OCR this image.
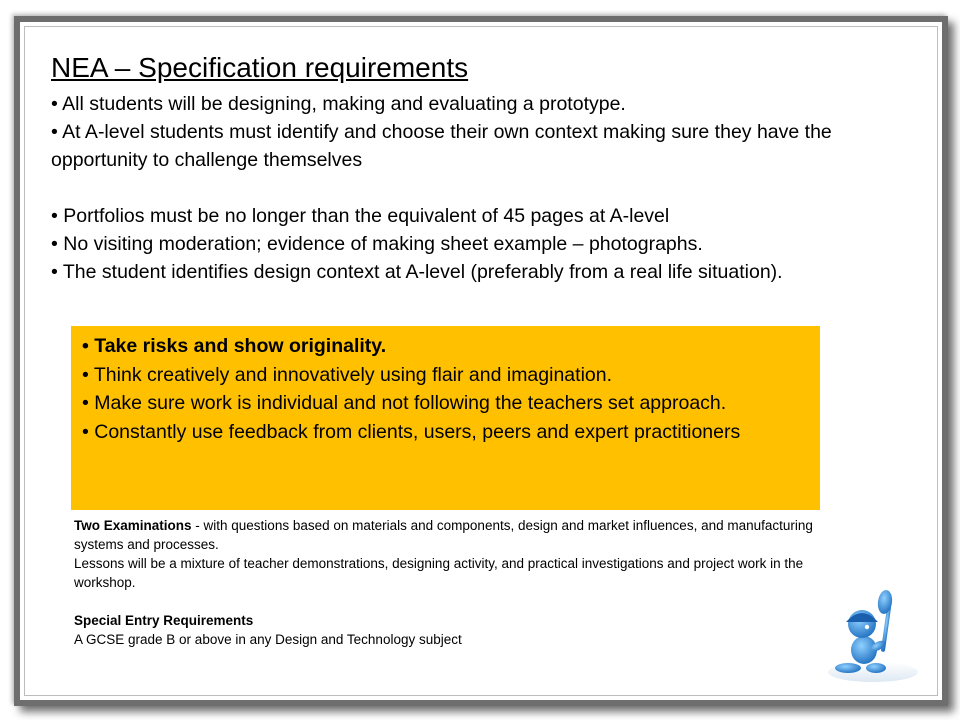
NEA – Specification requirements
• All students will be designing, making and evaluating a prototype.
• At A-level students must identify and choose their own context making sure they have the opportunity to challenge themselves
• Portfolios must be no longer than the equivalent of 45 pages at A-level
• No visiting moderation; evidence of making sheet example – photographs.
• The student identifies design context at A-level (preferably from a real life situation).
• Take risks and show originality.
• Think creatively and innovatively using flair and imagination.
• Make sure work is individual and not following the teachers set approach.
• Constantly use feedback from clients, users, peers and expert practitioners

Two Examinations - with questions based on materials and components, design and market influences, and manufacturing systems and processes.

Lessons will be a mixture of teacher demonstrations, designing activity, and practical investigations and project work in the workshop.

Special Entry Requirements

A GCSE grade B or above in any Design and Technology subject
